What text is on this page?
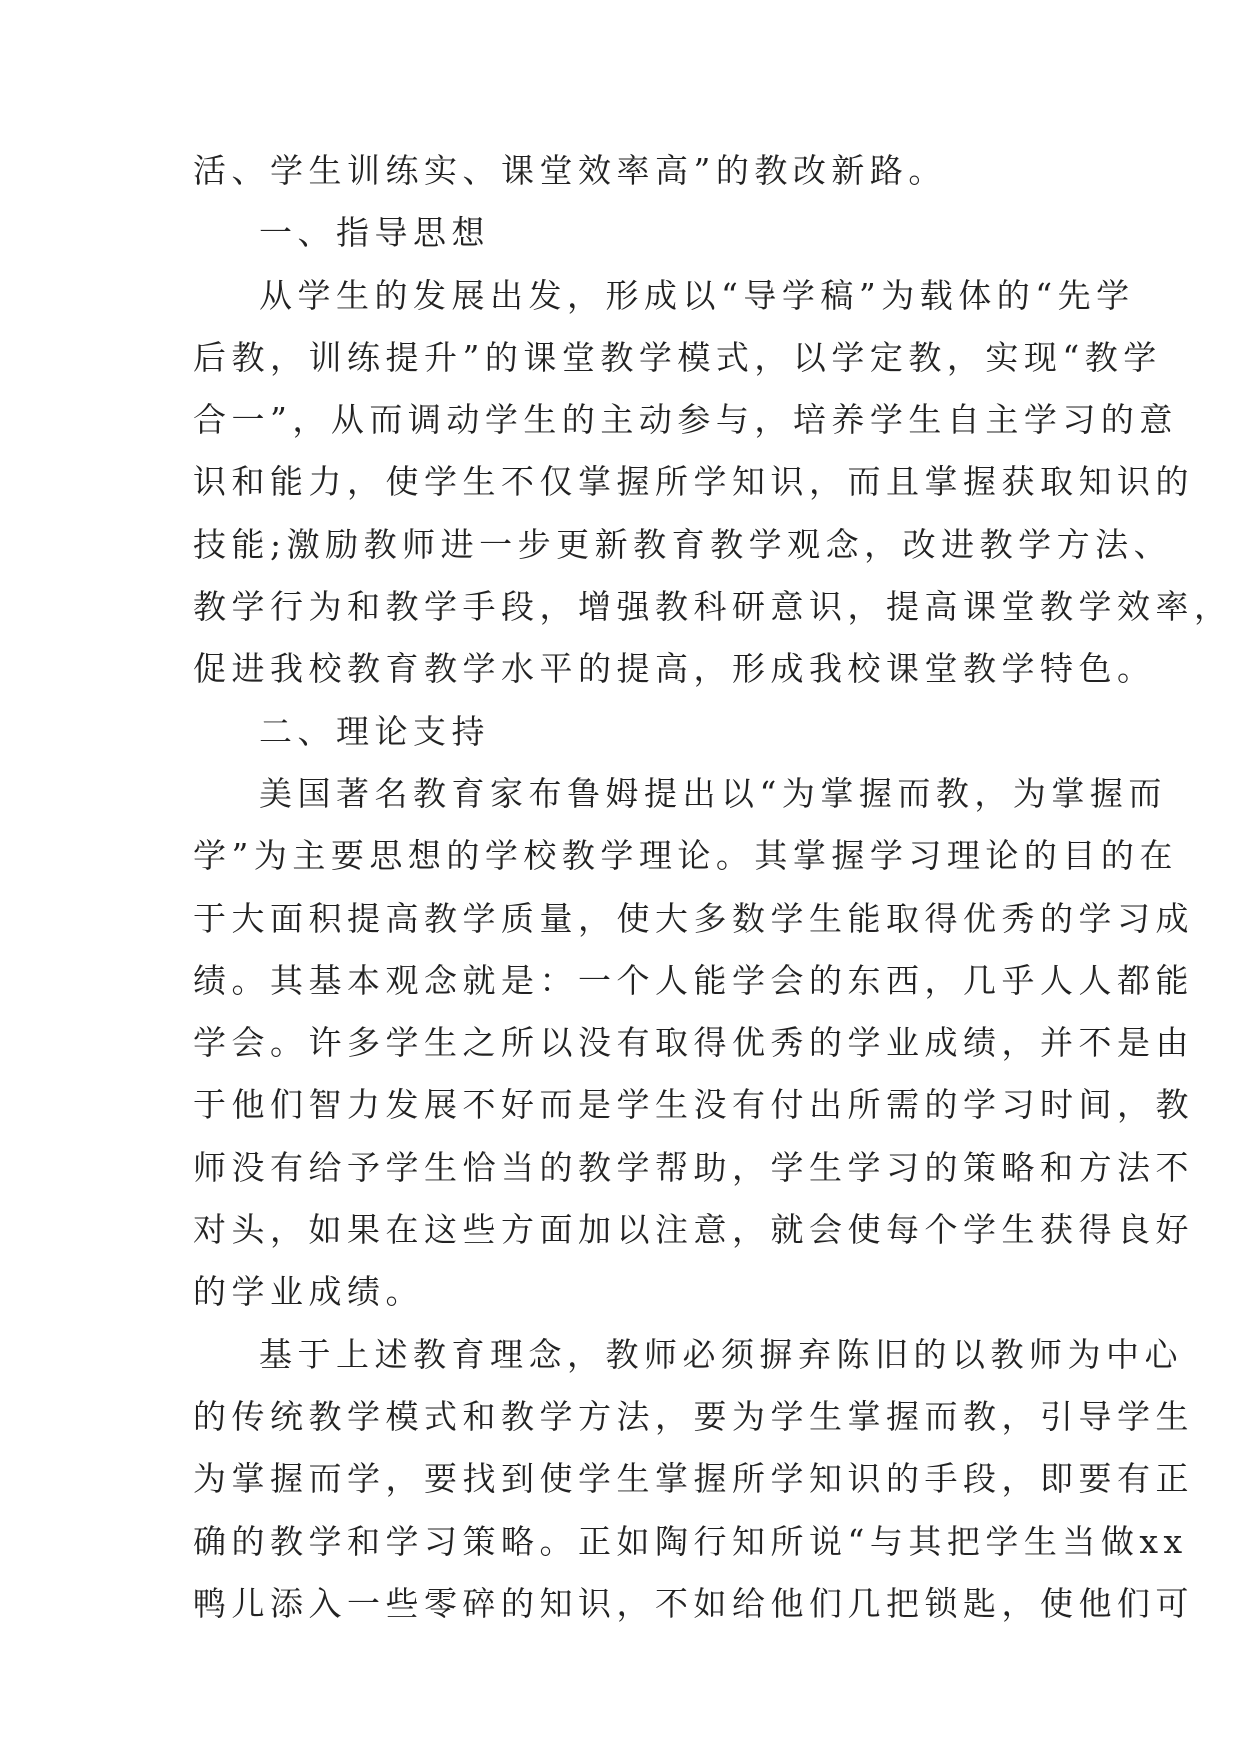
活、学生训练实、课堂效率高”的教改新路。
一、指导思想
从学生的发展出发，形成以“导学稿”为载体的“先学
后教，训练提升”的课堂教学模式，以学定教，实现“教学
合一”，从而调动学生的主动参与，培养学生自主学习的意
识和能力，使学生不仅掌握所学知识，而且掌握获取知识的
技能;激励教师进一步更新教育教学观念，改进教学方法、
教学行为和教学手段，增强教科研意识，提高课堂教学效率，
促进我校教育教学水平的提高，形成我校课堂教学特色。
二、理论支持
美国著名教育家布鲁姆提出以“为掌握而教，为掌握而
学”为主要思想的学校教学理论。其掌握学习理论的目的在
于大面积提高教学质量，使大多数学生能取得优秀的学习成
绩。其基本观念就是：一个人能学会的东西，几乎人人都能
学会。许多学生之所以没有取得优秀的学业成绩，并不是由
于他们智力发展不好而是学生没有付出所需的学习时间，教
师没有给予学生恰当的教学帮助，学生学习的策略和方法不
对头，如果在这些方面加以注意，就会使每个学生获得良好
的学业成绩。
基于上述教育理念，教师必须摒弃陈旧的以教师为中心
的传统教学模式和教学方法，要为学生掌握而教，引导学生
为掌握而学，要找到使学生掌握所学知识的手段，即要有正
确的教学和学习策略。正如陶行知所说“与其把学生当做xx
鸭儿添入一些零碎的知识，不如给他们几把锁匙，使他们可
